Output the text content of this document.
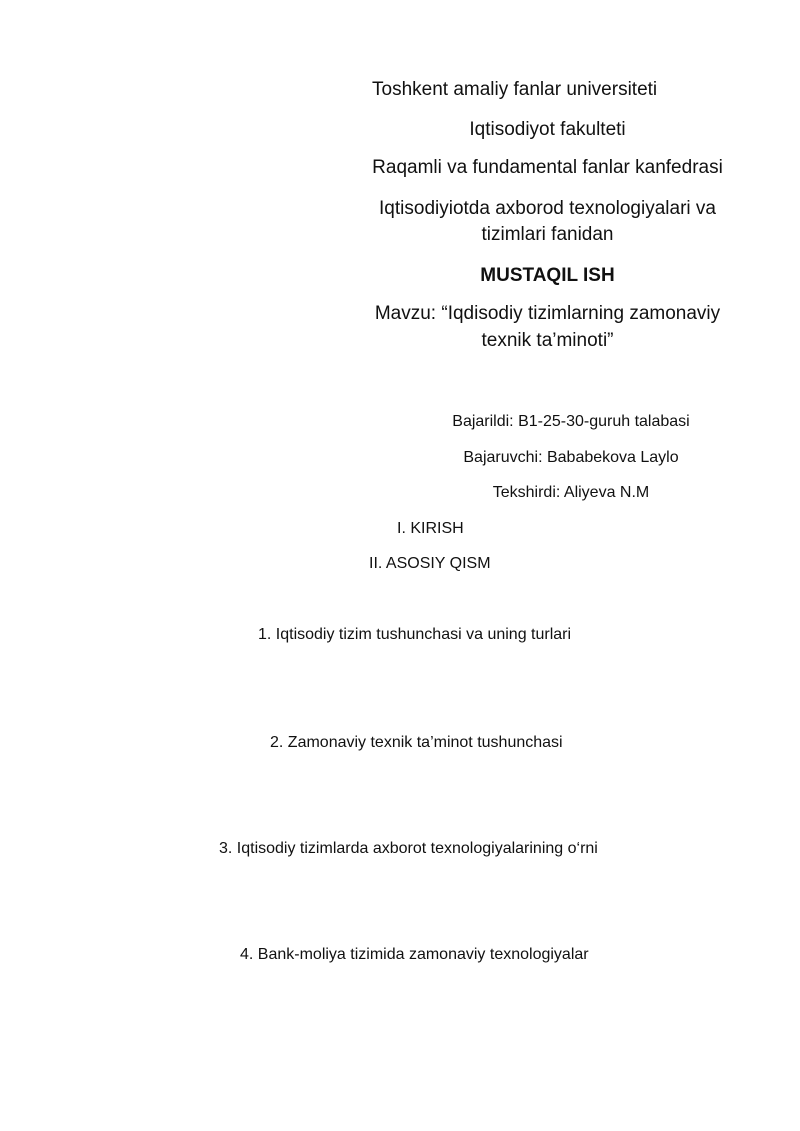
Toshkent amaliy fanlar universiteti

Iqtisodiyot fakulteti

Raqamli va fundamental fanlar kanfedrasi

Iqtisodiyiotda axborod texnologiyalari va

tizimlari fanidan

MUSTAQIL ISH

Mavzu: “Iqdisodiy tizimlarning zamonaviy

texnik ta’minoti”

Bajarildi: B1-25-30-guruh talabasi

Bajaruvchi: Bababekova Laylo

Tekshirdi: Aliyeva N.M

I. KIRISH

II. ASOSIY QISM

1. Iqtisodiy tizim tushunchasi va uning turlari

2. Zamonaviy texnik ta’minot tushunchasi

3. Iqtisodiy tizimlarda axborot texnologiyalarining o‘rni

4. Bank-moliya tizimida zamonaviy texnologiyalar
